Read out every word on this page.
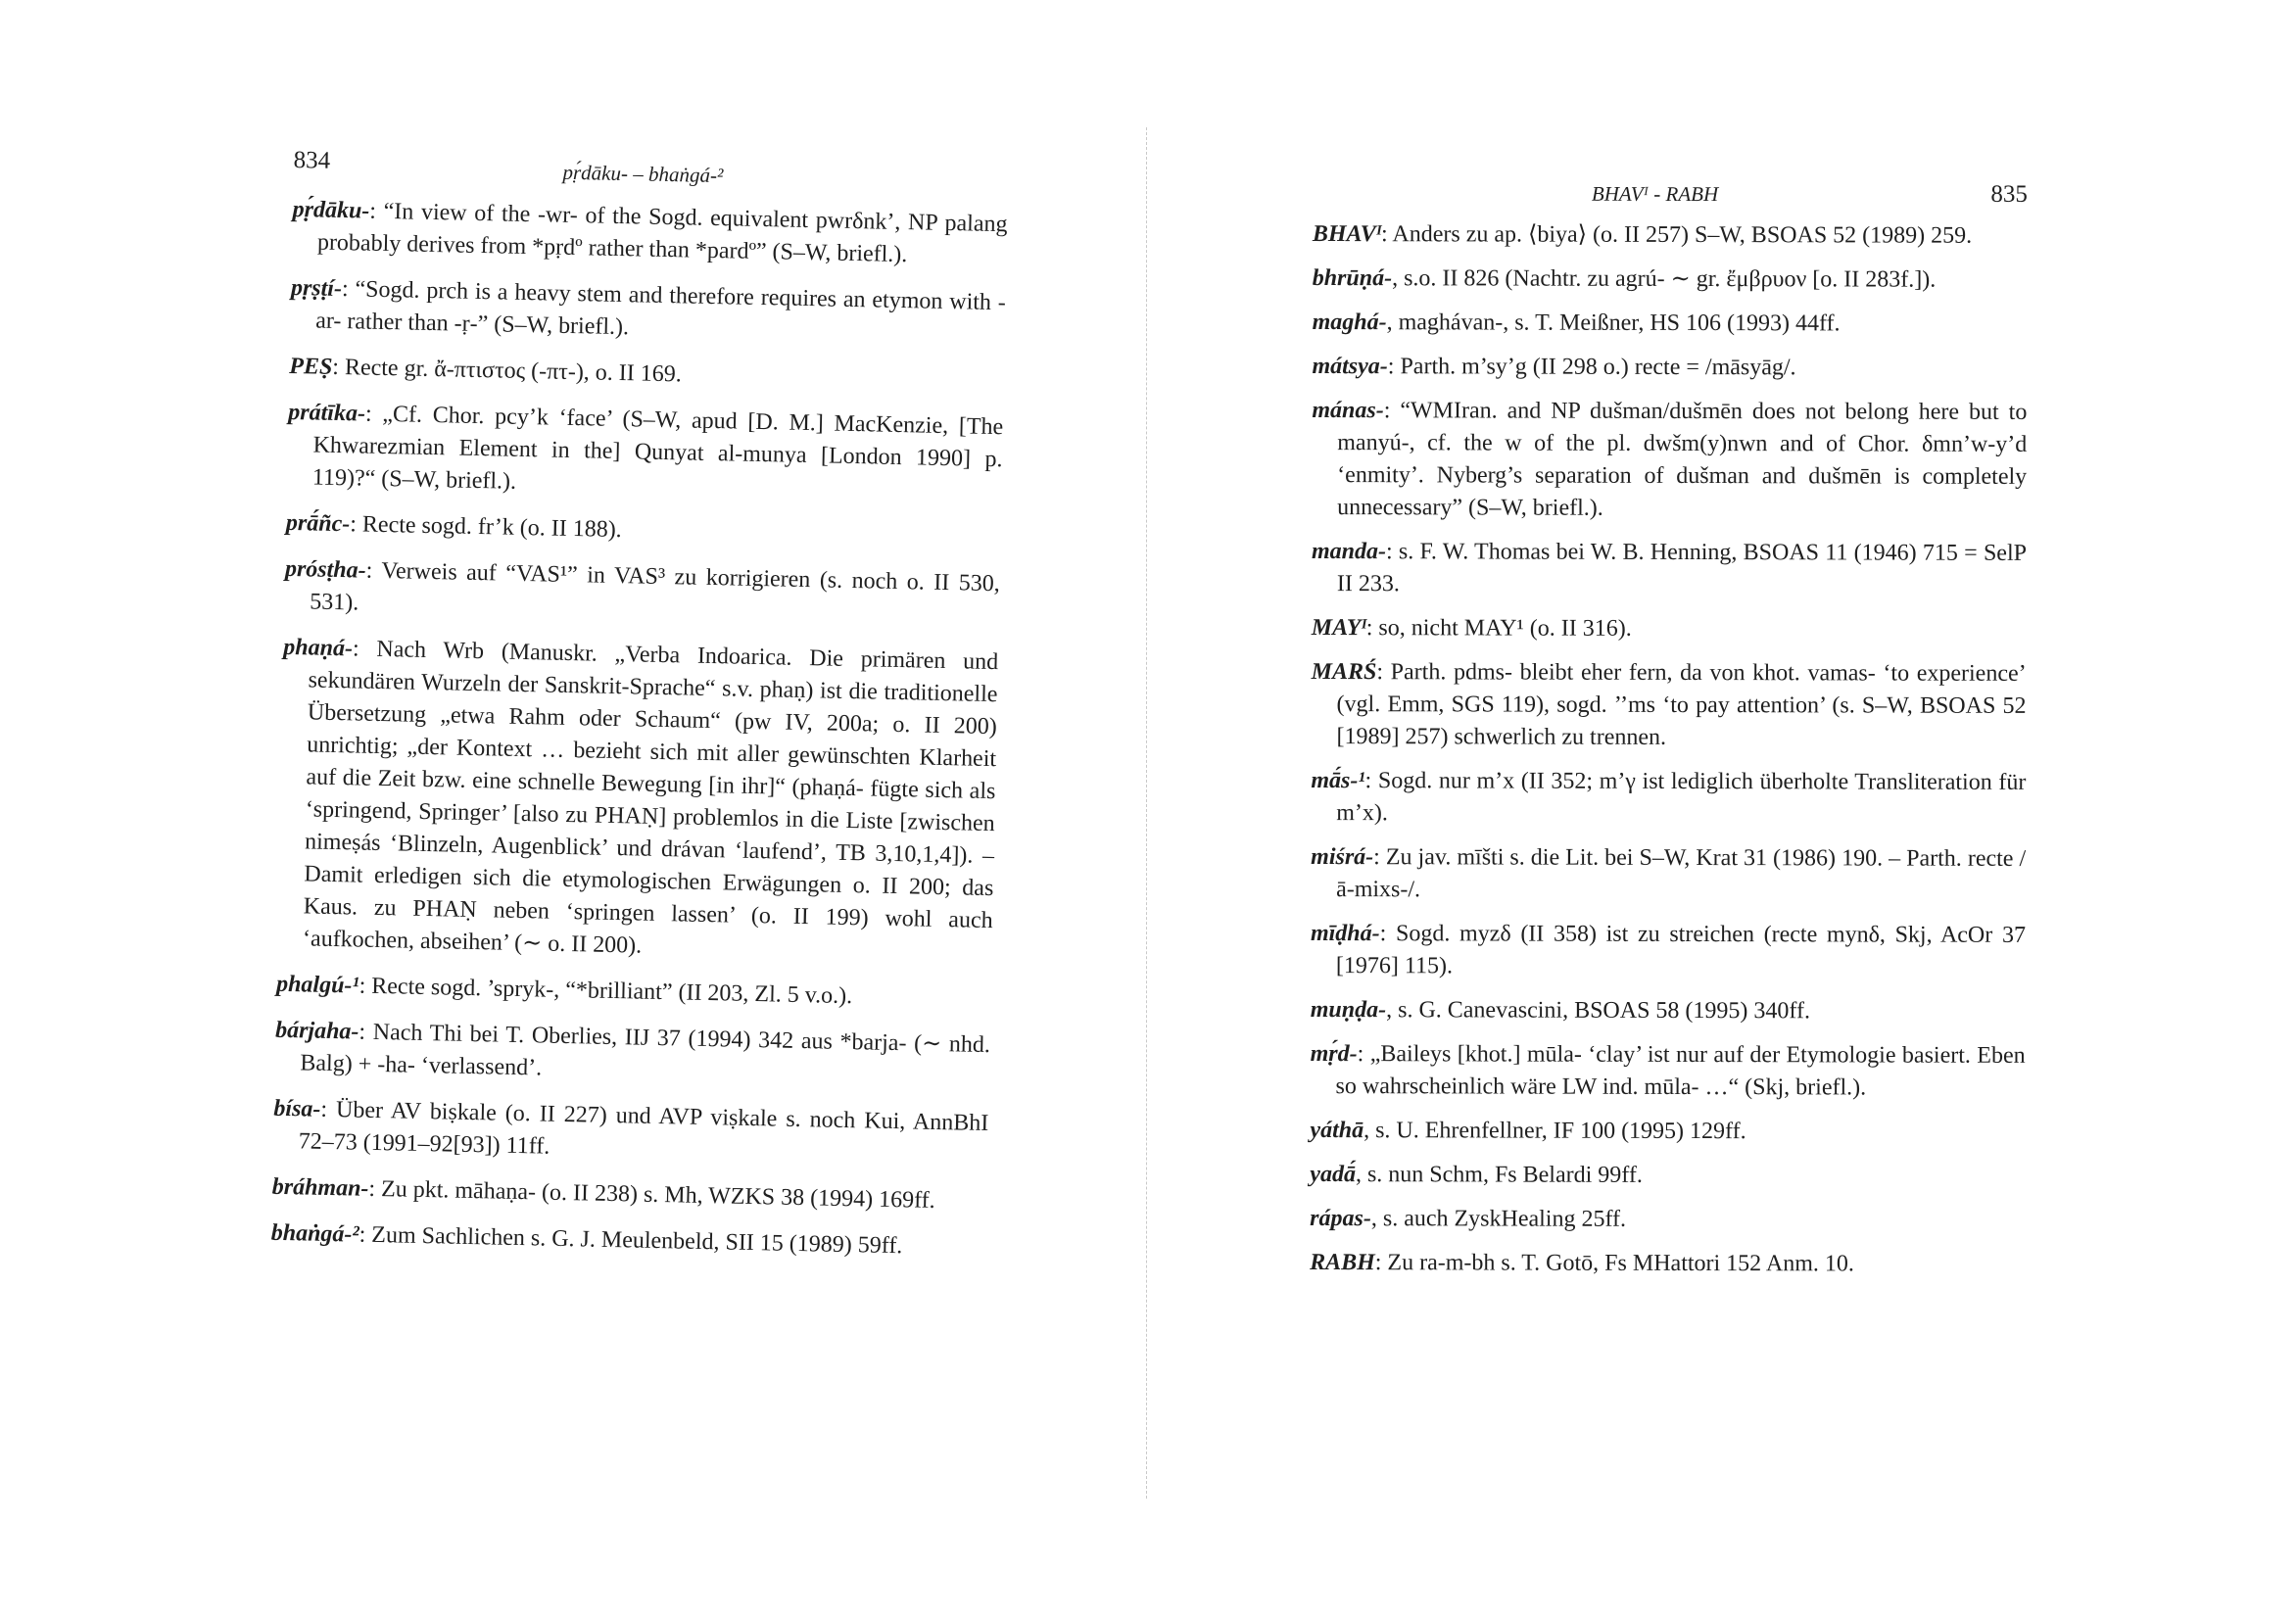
834	pṛ́dāku- – bhaṅgá-²

pṛ́dāku-: “In view of the -wr- of the Sogd. equivalent pwrδnk’, NP palang probably derives from *pṛdº rather than *pardº” (S–W, briefl.).

pṛṣṭí-: “Sogd. prch is a heavy stem and therefore requires an etymon with -ar- rather than -ṛ-” (S–W, briefl.).

PEṢ: Recte gr. ἄ-πτιστος (-πτ-), o. II 169.

prátīka-: „Cf. Chor. pcy’k ‘face’ (S–W, apud [D. M.] MacKenzie, [The Khwarezmian Element in the] Qunyat al-munya [London 1990] p. 119)?“ (S–W, briefl.).

prā́ñc-: Recte sogd. fr’k (o. II 188).

prósṭha-: Verweis auf “VAS¹” in VAS³ zu korrigieren (s. noch o. II 530, 531).

phaṇá-: Nach Wrb (Manuskr. „Verba Indoarica. Die primären und sekundären Wurzeln der Sanskrit-Sprache“ s.v. phaṇ) ist die traditionelle Übersetzung „etwa Rahm oder Schaum“ (pw IV, 200a; o. II 200) unrichtig; „der Kontext … bezieht sich mit aller gewünschten Klarheit auf die Zeit bzw. eine schnelle Bewegung [in ihr]“ (phaṇá- fügte sich als ‘springend, Springer’ [also zu PHAṆ] problemlos in die Liste [zwischen nimeṣás ‘Blinzeln, Augenblick’ und drávan ‘laufend’, TB 3,10,1,4]). – Damit erledigen sich die etymologischen Erwägungen o. II 200; das Kaus. zu PHAṆ neben ‘springen lassen’ (o. II 199) wohl auch ‘aufkochen, abseihen’ (∼ o. II 200).

phalgú-¹: Recte sogd. ’spryk-, “*brilliant” (II 203, Zl. 5 v.o.).

bárjaha-: Nach Thi bei T. Oberlies, IIJ 37 (1994) 342 aus *barja- (∼ nhd. Balg) + -ha- ‘verlassend’.

bísa-: Über AV biṣkale (o. II 227) und AVP viṣkale s. noch Kui, AnnBhI 72–73 (1991–92[93]) 11ff.

bráhman-: Zu pkt. māhaṇa- (o. II 238) s. Mh, WZKS 38 (1994) 169ff.

bhaṅgá-²: Zum Sachlichen s. G. J. Meulenbeld, SII 15 (1989) 59ff.

BHAVᴵ - RABH	835

BHAVᴵ: Anders zu ap. ⟨biya⟩ (o. II 257) S–W, BSOAS 52 (1989) 259.

bhrūṇá-, s.o. II 826 (Nachtr. zu agrú- ∼ gr. ἔμβρυον [o. II 283f.]).

maghá-, maghávan-, s. T. Meißner, HS 106 (1993) 44ff.

mátsya-: Parth. m’sy’g (II 298 o.) recte = /māsyāg/.

mánas-: “WMIran. and NP dušman/dušmēn does not belong here but to manyú-, cf. the w of the pl. dwšm(y)nwn and of Chor. δmn’w-y’d ‘enmity’. Nyberg’s separation of dušman and dušmēn is completely unnecessary” (S–W, briefl.).

manda-: s. F. W. Thomas bei W. B. Henning, BSOAS 11 (1946) 715 = SelP II 233.

MAYᴵ: so, nicht MAY¹ (o. II 316).

MARŚ: Parth. pdms- bleibt eher fern, da von khot. vamas- ‘to experience’ (vgl. Emm, SGS 119), sogd. ’’ms ‘to pay attention’ (s. S–W, BSOAS 52 [1989] 257) schwerlich zu trennen.

mā́s-¹: Sogd. nur m’x (II 352; m’γ ist lediglich überholte Transliteration für m’x).

miśrá-: Zu jav. mīšti s. die Lit. bei S–W, Krat 31 (1986) 190. – Parth. recte /ā-mixs-/.

mīḍhá-: Sogd. myzδ (II 358) ist zu streichen (recte mynδ, Skj, AcOr 37 [1976] 115).

muṇḍa-, s. G. Canevascini, BSOAS 58 (1995) 340ff.

mṛ́d-: „Baileys [khot.] mūla- ‘clay’ ist nur auf der Etymologie basiert. Eben so wahrscheinlich wäre LW ind. mūla- …“ (Skj, briefl.).

yáthā, s. U. Ehrenfellner, IF 100 (1995) 129ff.

yadā́, s. nun Schm, Fs Belardi 99ff.

rápas-, s. auch ZyskHealing 25ff.

RABH: Zu ra-m-bh s. T. Gotō, Fs MHattori 152 Anm. 10.
